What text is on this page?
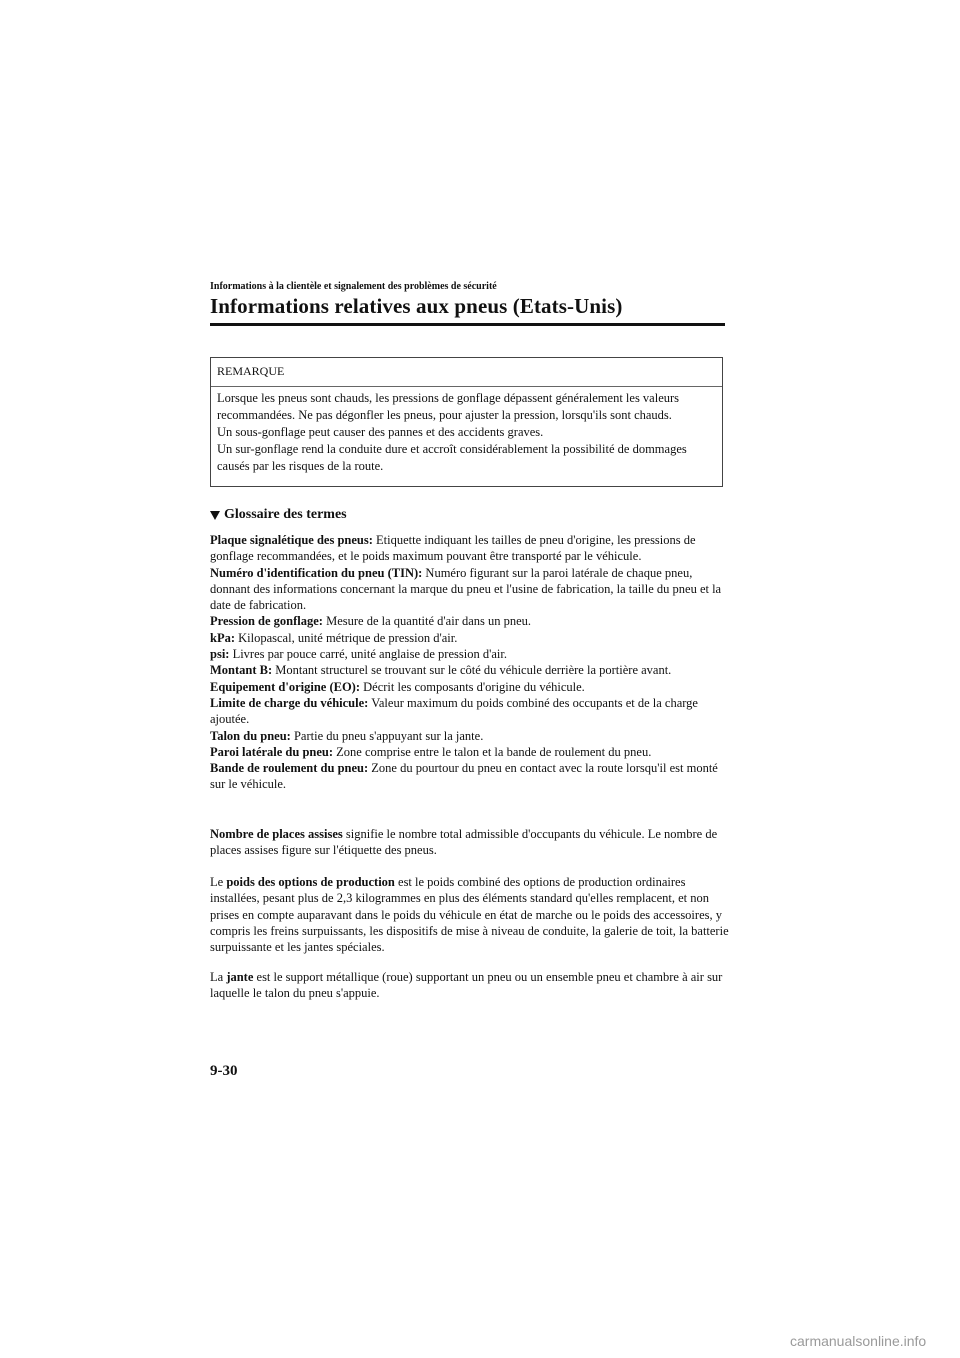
Informations à la clientèle et signalement des problèmes de sécurité
Informations relatives aux pneus (Etats-Unis)
REMARQUE

Lorsque les pneus sont chauds, les pressions de gonflage dépassent généralement les valeurs recommandées. Ne pas dégonfler les pneus, pour ajuster la pression, lorsqu'ils sont chauds.

Un sous-gonflage peut causer des pannes et des accidents graves.

Un sur-gonflage rend la conduite dure et accroît considérablement la possibilité de dommages causés par les risques de la route.

Glossaire des termes

Plaque signalétique des pneus: Etiquette indiquant les tailles de pneu d'origine, les pressions de gonflage recommandées, et le poids maximum pouvant être transporté par le véhicule.

Numéro d'identification du pneu (TIN): Numéro figurant sur la paroi latérale de chaque pneu, donnant des informations concernant la marque du pneu et l'usine de fabrication, la taille du pneu et la date de fabrication.

Pression de gonflage: Mesure de la quantité d'air dans un pneu.

kPa: Kilopascal, unité métrique de pression d'air.

psi: Livres par pouce carré, unité anglaise de pression d'air.

Montant B: Montant structurel se trouvant sur le côté du véhicule derrière la portière avant.

Equipement d'origine (EO): Décrit les composants d'origine du véhicule.

Limite de charge du véhicule: Valeur maximum du poids combiné des occupants et de la charge ajoutée.

Talon du pneu: Partie du pneu s'appuyant sur la jante.

Paroi latérale du pneu: Zone comprise entre le talon et la bande de roulement du pneu.

Bande de roulement du pneu: Zone du pourtour du pneu en contact avec la route lorsqu'il est monté sur le véhicule.

Nombre de places assises signifie le nombre total admissible d'occupants du véhicule. Le nombre de places assises figure sur l'étiquette des pneus.

Le poids des options de production est le poids combiné des options de production ordinaires installées, pesant plus de 2,3 kilogrammes en plus des éléments standard qu'elles remplacent, et non prises en compte auparavant dans le poids du véhicule en état de marche ou le poids des accessoires, y compris les freins surpuissants, les dispositifs de mise à niveau de conduite, la galerie de toit, la batterie surpuissante et les jantes spéciales.

La jante est le support métallique (roue) supportant un pneu ou un ensemble pneu et chambre à air sur laquelle le talon du pneu s'appuie.

9-30
carmanualsonline.info
